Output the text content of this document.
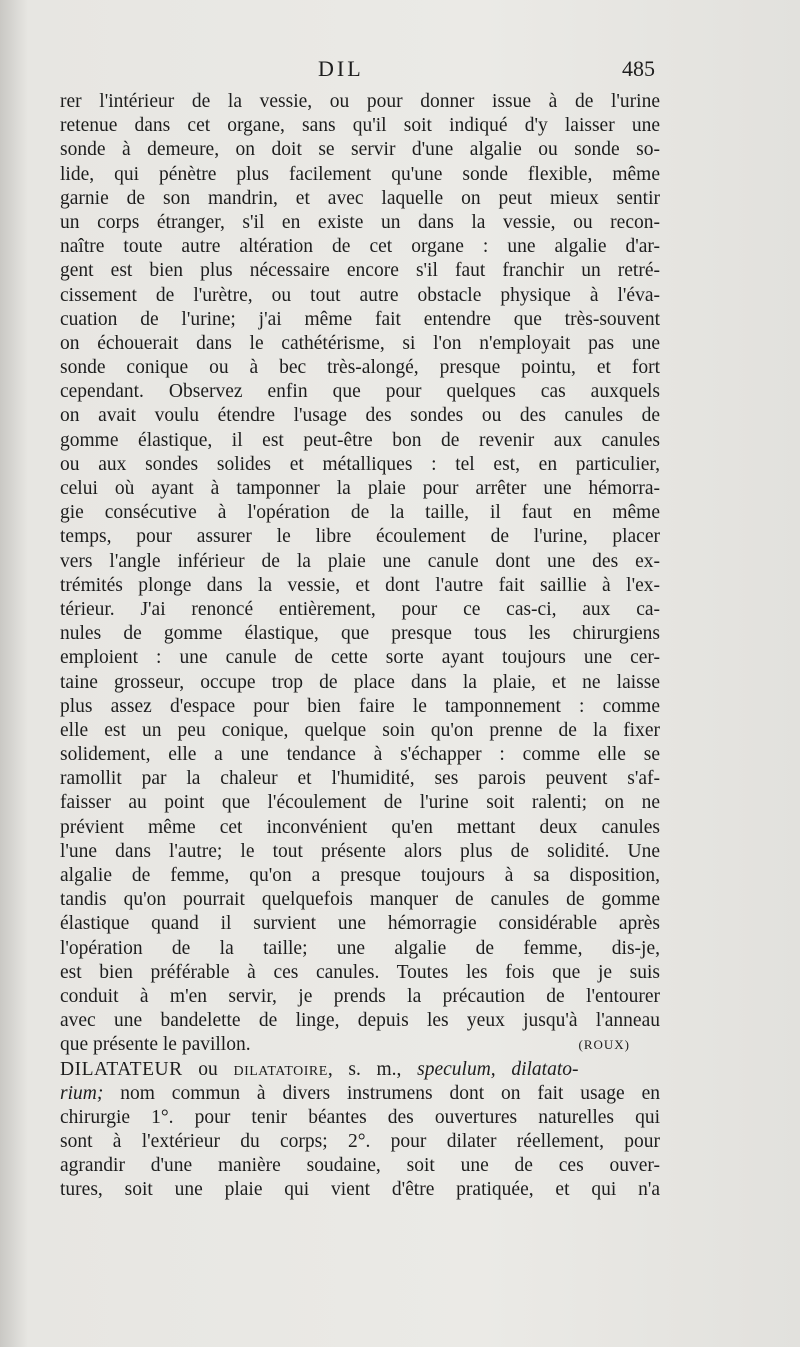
DIL	485
rer l'intérieur de la vessie, ou pour donner issue à de l'urine
retenue dans cet organe, sans qu'il soit indiqué d'y laisser une
sonde à demeure, on doit se servir d'une algalie ou sonde so-
lide, qui pénètre plus facilement qu'une sonde flexible, même
garnie de son mandrin, et avec laquelle on peut mieux sentir
un corps étranger, s'il en existe un dans la vessie, ou recon-
naître toute autre altération de cet organe : une algalie d'ar-
gent est bien plus nécessaire encore s'il faut franchir un retré-
cissement de l'urètre, ou tout autre obstacle physique à l'éva-
cuation de l'urine; j'ai même fait entendre que très-souvent
on échouerait dans le cathétérisme, si l'on n'employait pas une
sonde conique ou à bec très-alongé, presque pointu, et fort
cependant. Observez enfin que pour quelques cas auxquels
on avait voulu étendre l'usage des sondes ou des canules de
gomme élastique, il est peut-être bon de revenir aux canules
ou aux sondes solides et métalliques : tel est, en particulier,
celui où ayant à tamponner la plaie pour arrêter une hémorra-
gie consécutive à l'opération de la taille, il faut en même
temps, pour assurer le libre écoulement de l'urine, placer
vers l'angle inférieur de la plaie une canule dont une des ex-
trémités plonge dans la vessie, et dont l'autre fait saillie à l'ex-
térieur. J'ai renoncé entièrement, pour ce cas-ci, aux ca-
nules de gomme élastique, que presque tous les chirurgiens
emploient : une canule de cette sorte ayant toujours une cer-
taine grosseur, occupe trop de place dans la plaie, et ne laisse
plus assez d'espace pour bien faire le tamponnement : comme
elle est un peu conique, quelque soin qu'on prenne de la fixer
solidement, elle a une tendance à s'échapper : comme elle se
ramollit par la chaleur et l'humidité, ses parois peuvent s'af-
faisser au point que l'écoulement de l'urine soit ralenti; on ne
prévient même cet inconvénient qu'en mettant deux canules
l'une dans l'autre; le tout présente alors plus de solidité. Une
algalie de femme, qu'on a presque toujours à sa disposition,
tandis qu'on pourrait quelquefois manquer de canules de gomme
élastique quand il survient une hémorragie considérable après
l'opération de la taille; une algalie de femme, dis-je,
est bien préférable à ces canules. Toutes les fois que je suis
conduit à m'en servir, je prends la précaution de l'entourer
avec une bandelette de linge, depuis les yeux jusqu'à l'anneau
que présente le pavillon.	(ROUX)
DILATATEUR ou DILATATOIRE, s. m., speculum, dilatato-
rium; nom commun à divers instrumens dont on fait usage en
chirurgie 1°. pour tenir béantes des ouvertures naturelles qui
sont à l'extérieur du corps; 2°. pour dilater réellement, pour
agrandir d'une manière soudaine, soit une de ces ouver-
tures, soit une plaie qui vient d'être pratiquée, et qui n'a
